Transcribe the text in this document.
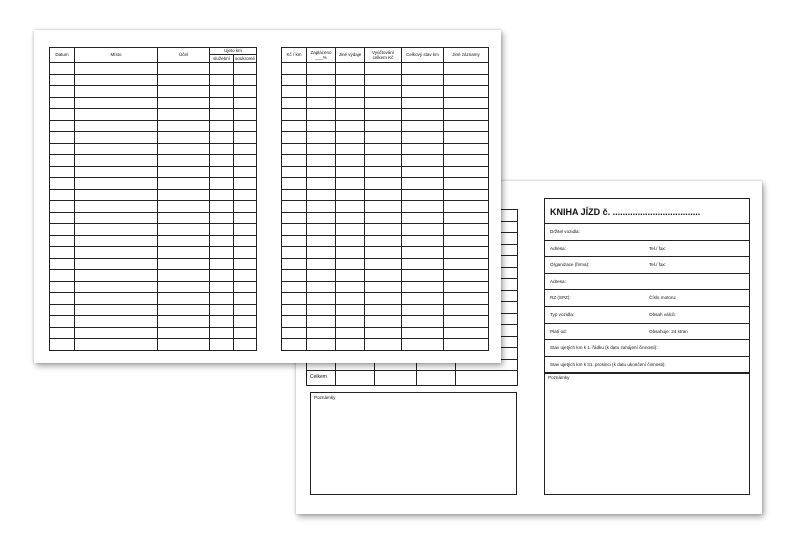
Celkem				
Poznámky
KNIHA JÍZD č. ...................................
Držitel vozidla:
Adresa:	Tel./ fax:
Organizace (firma):	Tel./ fax:
Adresa:
RZ (SPZ):	Číslo motoru:
Typ vozidla:	Obsah válců:
Platí od:	Obsahuje: 24 stran
Stav ujetých km k 1. řádku (k datu zahájení činnosti):
Stav ujetých km k 31. prosinci (k datu ukončení činnosti):
Poznámky
Datum	Místo	Účel	Ujeto km	
			služební	soukromé

Kč / km	Zaplaceno ___%	Jiné výdaje	Vyúčtování celkem Kč	Celkový stav km	Jiné záznamy
